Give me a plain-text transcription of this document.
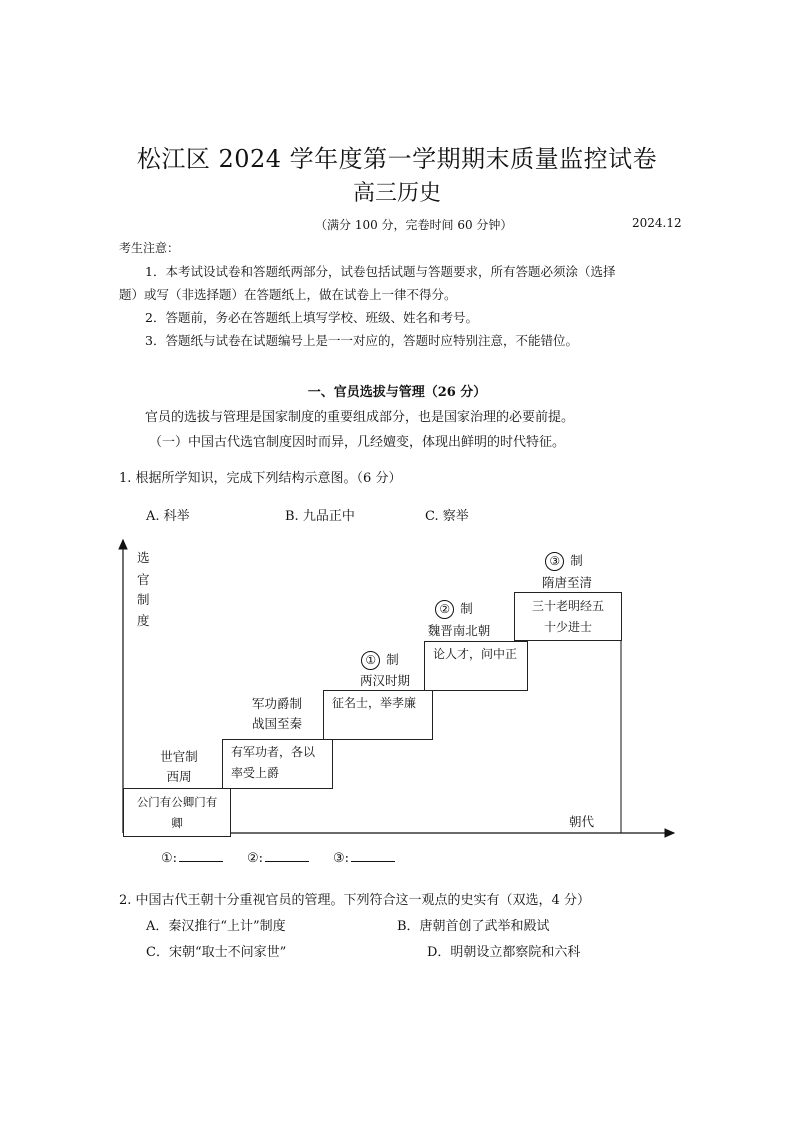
松江区 2024 学年度第一学期期末质量监控试卷
高三历史
（满分 100 分，完卷时间 60 分钟）	2024.12
考生注意：
1．本考试设试卷和答题纸两部分，试卷包括试题与答题要求，所有答题必须涂（选择
题）或写（非选择题）在答题纸上，做在试卷上一律不得分。
2．答题前，务必在答题纸上填写学校、班级、姓名和考号。
3．答题纸与试卷在试题编号上是一一对应的，答题时应特别注意，不能错位。
一、官员选拔与管理（26 分）
官员的选拔与管理是国家制度的重要组成部分，也是国家治理的必要前提。
（一）中国古代选官制度因时而异，几经嬗变，体现出鲜明的时代特征。
1. 根据所学知识，完成下列结构示意图。（6 分）
A. 科举	B. 九品正中	C. 察举
选
官
制
度
朝代
世官制
西周
公门有公卿门有卿
军功爵制
战国至秦
有军功者，各以率受上爵
① 制
两汉时期
征名士，举孝廉
② 制
魏晋南北朝
论人才，问中正
③ 制
隋唐至清
三十老明经五十少进士
①:	②:	③:
2. 中国古代王朝十分重视官员的管理。下列符合这一观点的史实有（双选，4 分）
A．秦汉推行“上计”制度	B．唐朝首创了武举和殿试
C．宋朝“取士不问家世”	D．明朝设立都察院和六科
